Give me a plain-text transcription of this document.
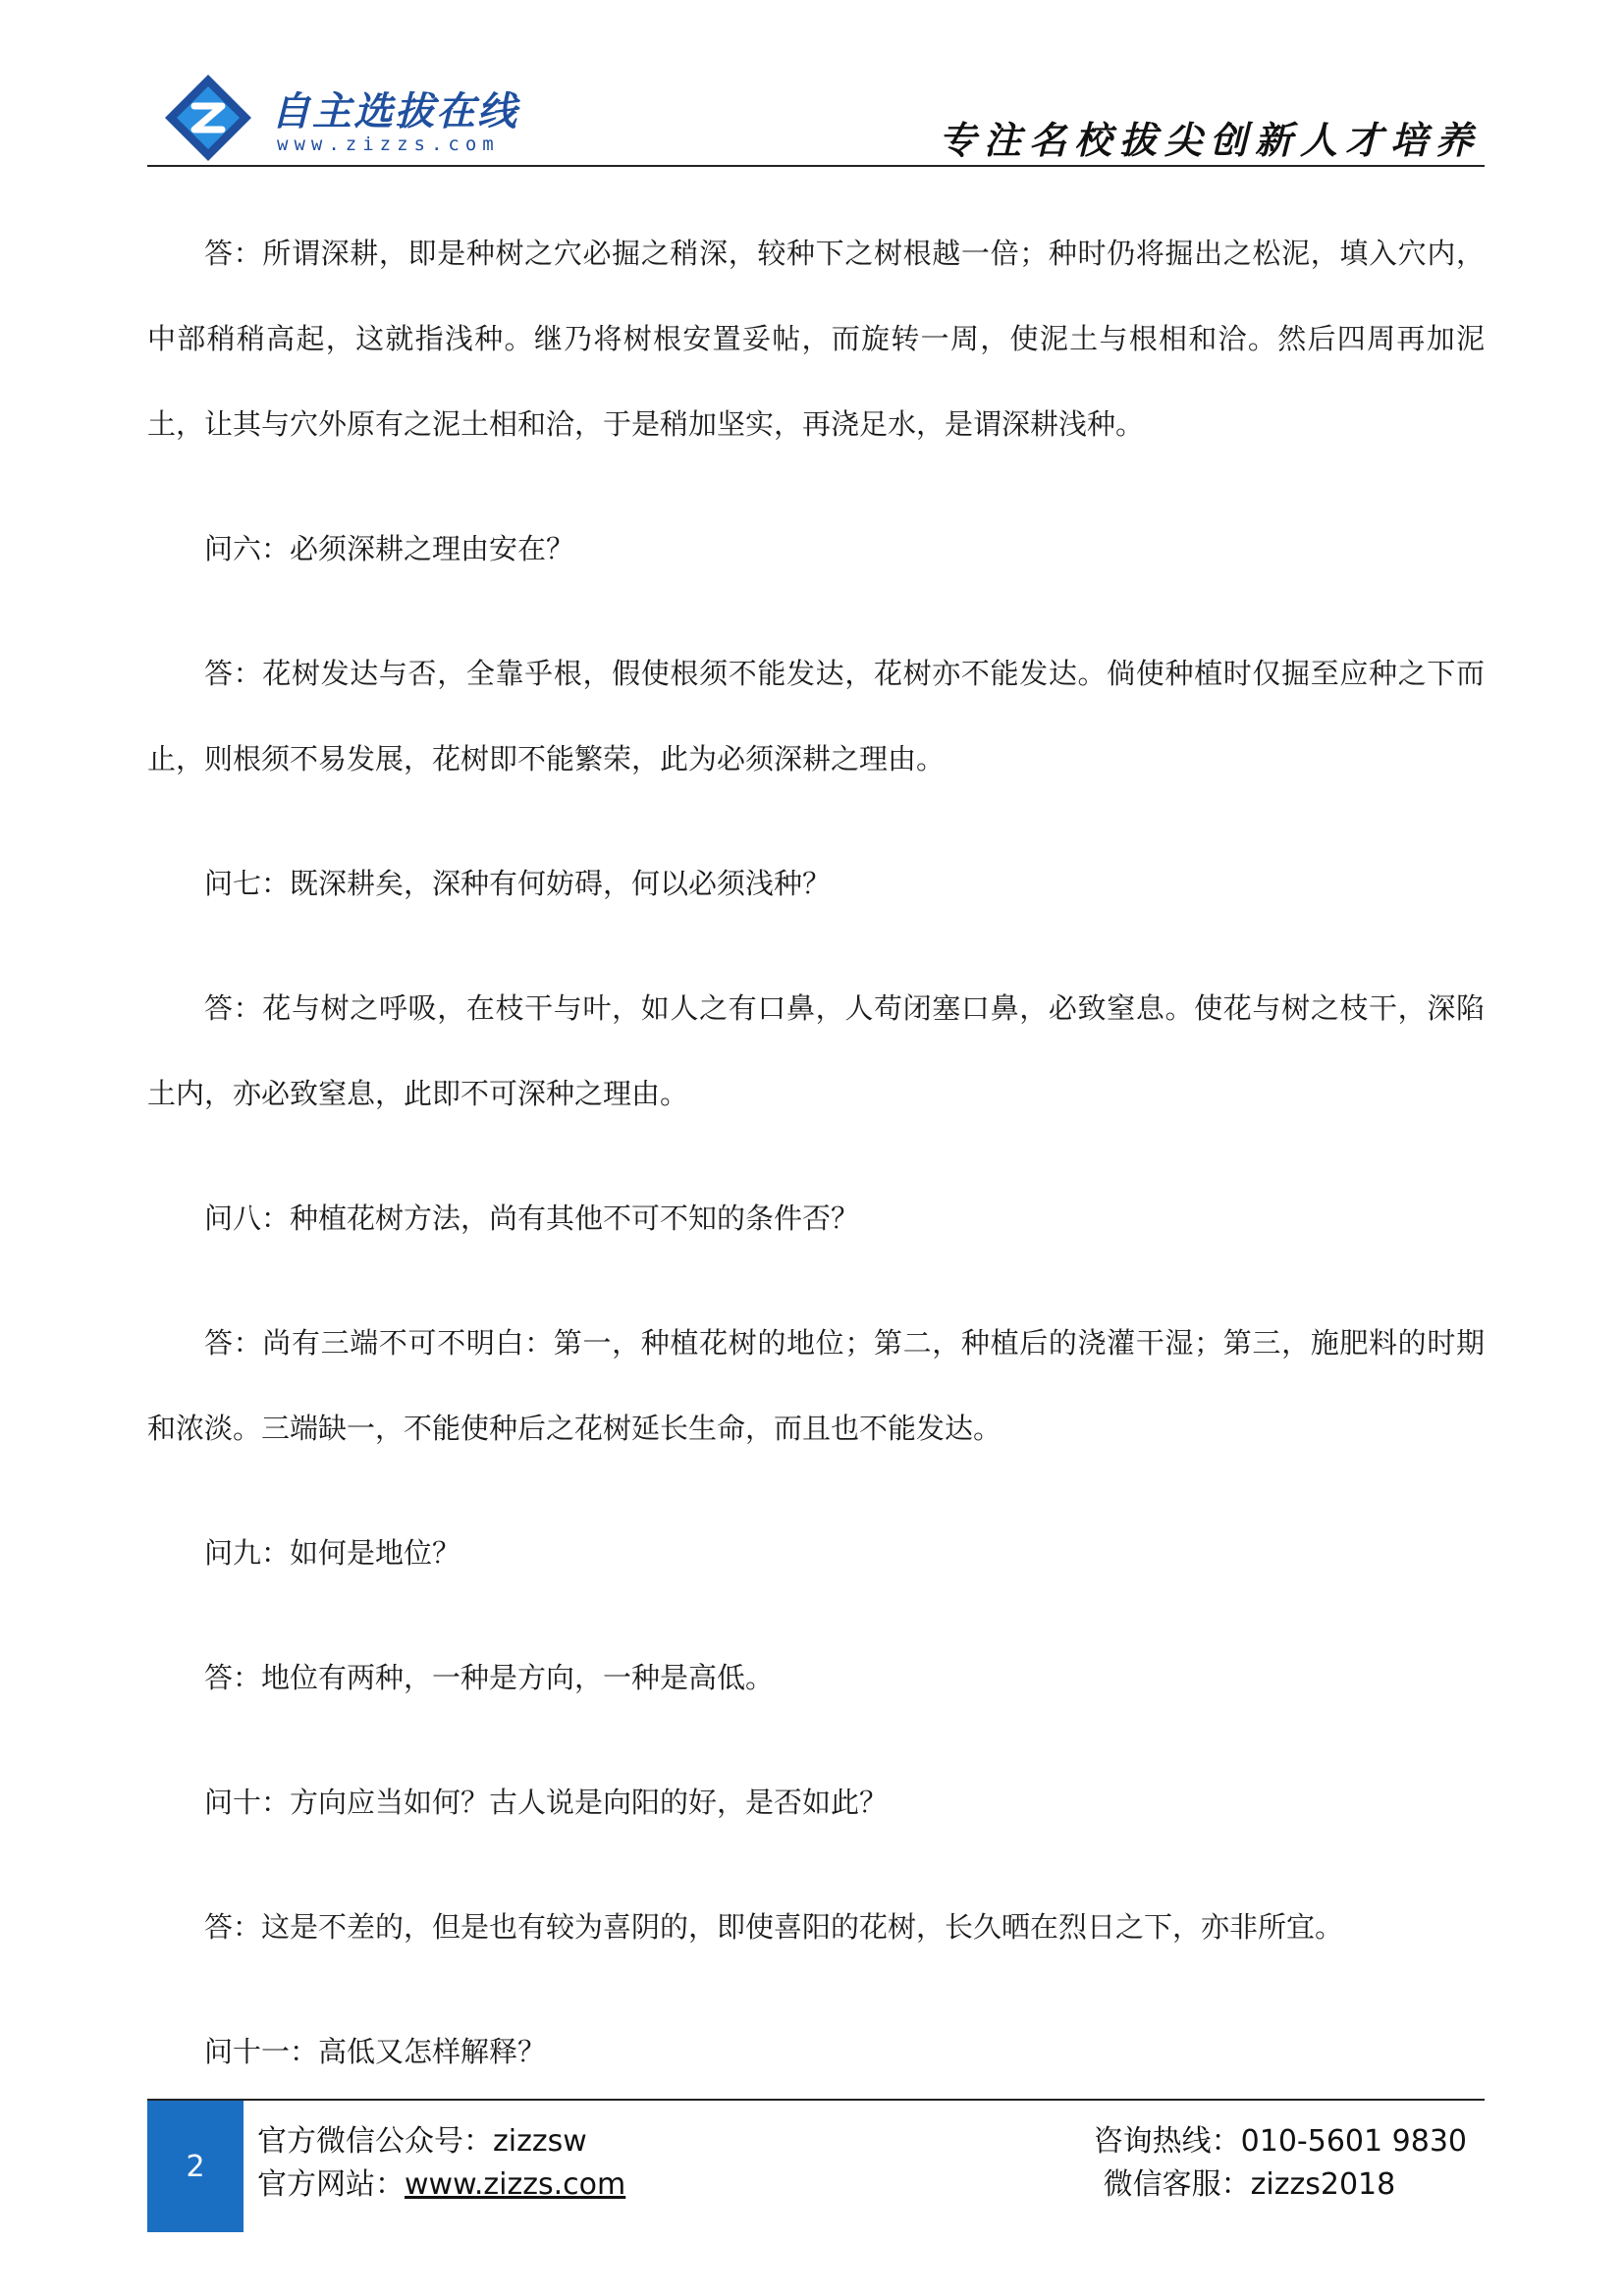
自主选拔在线
www.zizzs.com	专注名校拔尖创新人才培养

答：所谓深耕，即是种树之穴必掘之稍深，较种下之树根越一倍；种时仍将掘出之松泥，填入穴内，中部稍稍高起，这就指浅种。继乃将树根安置妥帖，而旋转一周，使泥土与根相和洽。然后四周再加泥土，让其与穴外原有之泥土相和洽，于是稍加坚实，再浇足水，是谓深耕浅种。

问六：必须深耕之理由安在？

答：花树发达与否，全靠乎根，假使根须不能发达，花树亦不能发达。倘使种植时仅掘至应种之下而止，则根须不易发展，花树即不能繁荣，此为必须深耕之理由。

问七：既深耕矣，深种有何妨碍，何以必须浅种？

答：花与树之呼吸，在枝干与叶，如人之有口鼻，人苟闭塞口鼻，必致窒息。使花与树之枝干，深陷土内，亦必致窒息，此即不可深种之理由。

问八：种植花树方法，尚有其他不可不知的条件否？

答：尚有三端不可不明白：第一，种植花树的地位；第二，种植后的浇灌干湿；第三，施肥料的时期和浓淡。三端缺一，不能使种后之花树延长生命，而且也不能发达。

问九：如何是地位？

答：地位有两种，一种是方向，一种是高低。

问十：方向应当如何？古人说是向阳的好，是否如此？

答：这是不差的，但是也有较为喜阴的，即使喜阳的花树，长久晒在烈日之下，亦非所宜。

问十一：高低又怎样解释？

2
官方微信公众号：zizzsw
官方网站：www.zizzs.com
咨询热线：010-5601 9830
微信客服：zizzs2018
